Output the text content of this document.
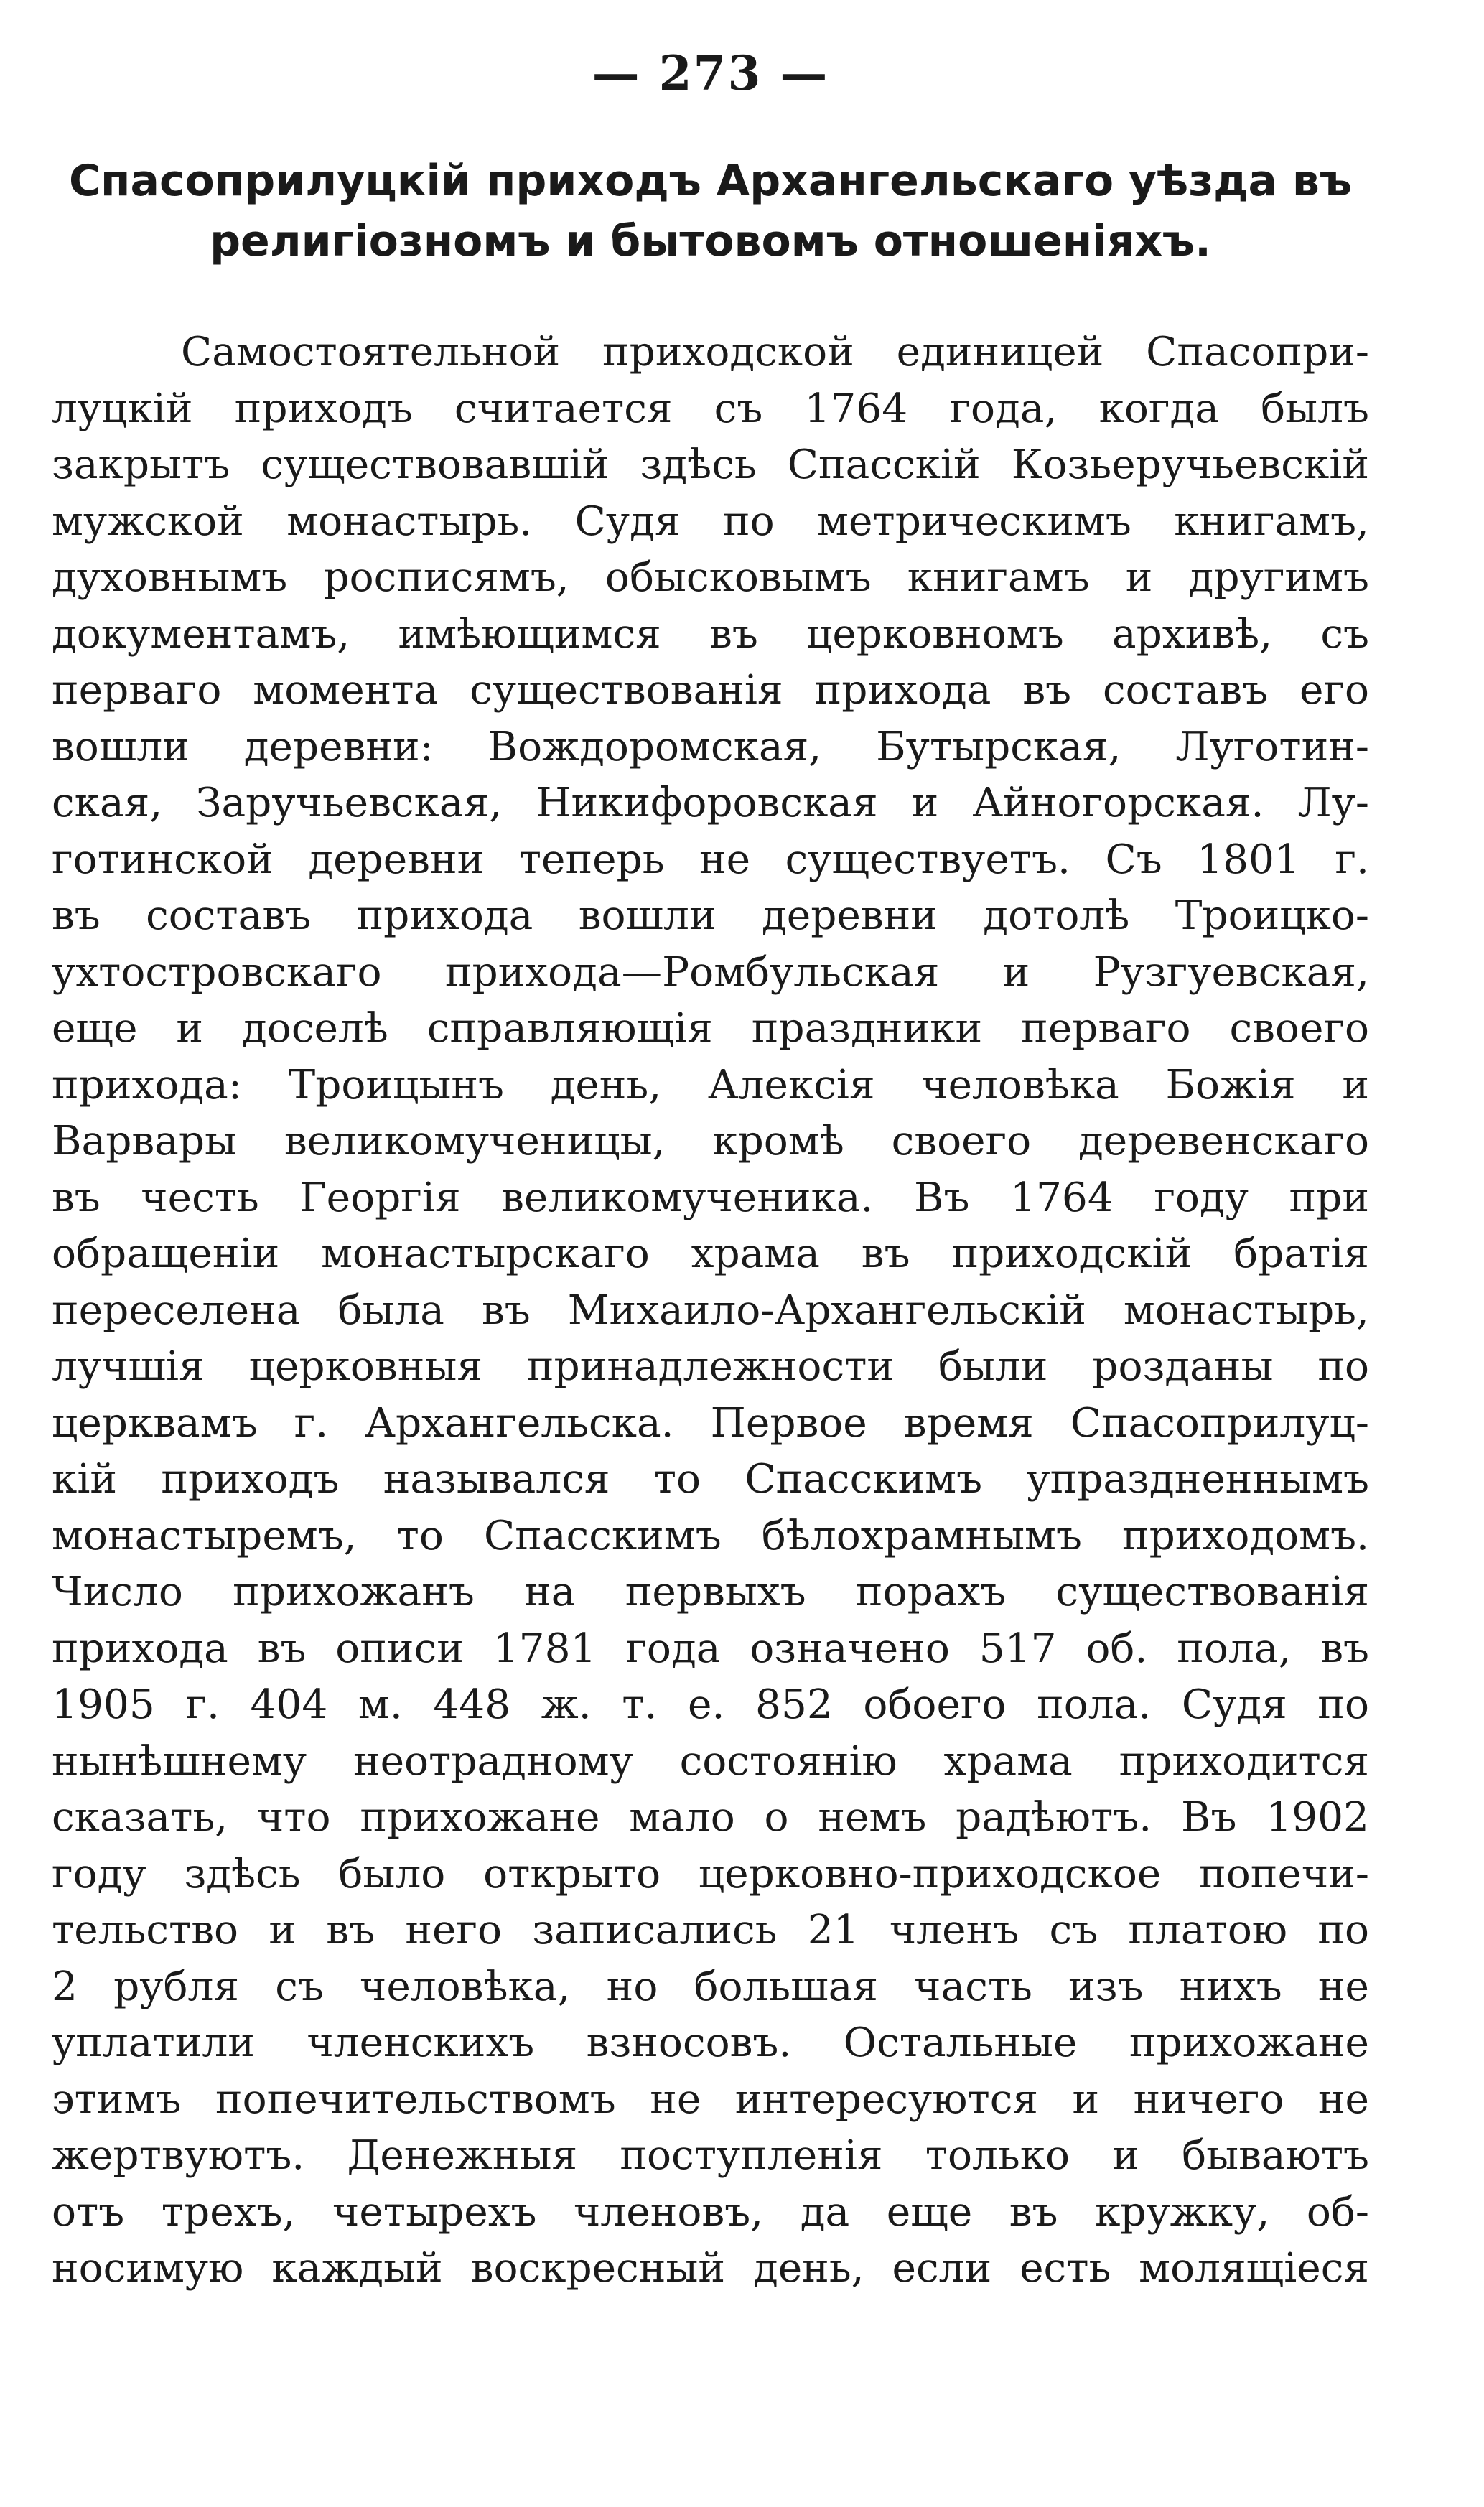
— 273 —
Спасоприлуцкій приходъ Архангельскаго уѣзда въ
религіозномъ и бытовомъ отношеніяхъ.
Самостоятельной приходской единицей Спасопри-
луцкій приходъ считается съ 1764 года, когда былъ
закрытъ существовавшій здѣсь Спасскій Козьеручьевскій
мужской монастырь. Судя по метрическимъ книгамъ,
духовнымъ росписямъ, обысковымъ книгамъ и другимъ
документамъ, имѣющимся въ церковномъ архивѣ, съ
перваго момента существованія прихода въ составъ его
вошли деревни: Вождоромская, Бутырская, Луготин-
ская, Заручьевская, Никифоровская и Айногорская. Лу-
готинской деревни теперь не существуетъ. Съ 1801 г.
въ составъ прихода вошли деревни дотолѣ Троицко-
ухтостровскаго прихода—Ромбульская и Рузгуевская,
еще и доселѣ справляющія праздники перваго своего
прихода: Троицынъ день, Алексія человѣка Божія и
Варвары великомученицы, кромѣ своего деревенскаго
въ честь Георгія великомученика. Въ 1764 году при
обращеніи монастырскаго храма въ приходскій братія
переселена была въ Михаило-Архангельскій монастырь,
лучшія церковныя принадлежности были розданы по
церквамъ г. Архангельска. Первое время Спасоприлуц-
кій приходъ назывался то Спасскимъ упраздненнымъ
монастыремъ, то Спасскимъ бѣлохрамнымъ приходомъ.
Число прихожанъ на первыхъ порахъ существованія
прихода въ описи 1781 года означено 517 об. пола, въ
1905 г. 404 м. 448 ж. т. е. 852 обоего пола. Судя по
нынѣшнему неотрадному состоянію храма приходится
сказать, что прихожане мало о немъ радѣютъ. Въ 1902
году здѣсь было открыто церковно-приходское попечи-
тельство и въ него записались 21 членъ съ платою по
2 рубля съ человѣка, но большая часть изъ нихъ не
уплатили членскихъ взносовъ. Остальные прихожане
этимъ попечительствомъ не интересуются и ничего не
жертвуютъ. Денежныя поступленія только и бываютъ
отъ трехъ, четырехъ членовъ, да еще въ кружку, об-
носимую каждый воскресный день, если есть молящіеся
